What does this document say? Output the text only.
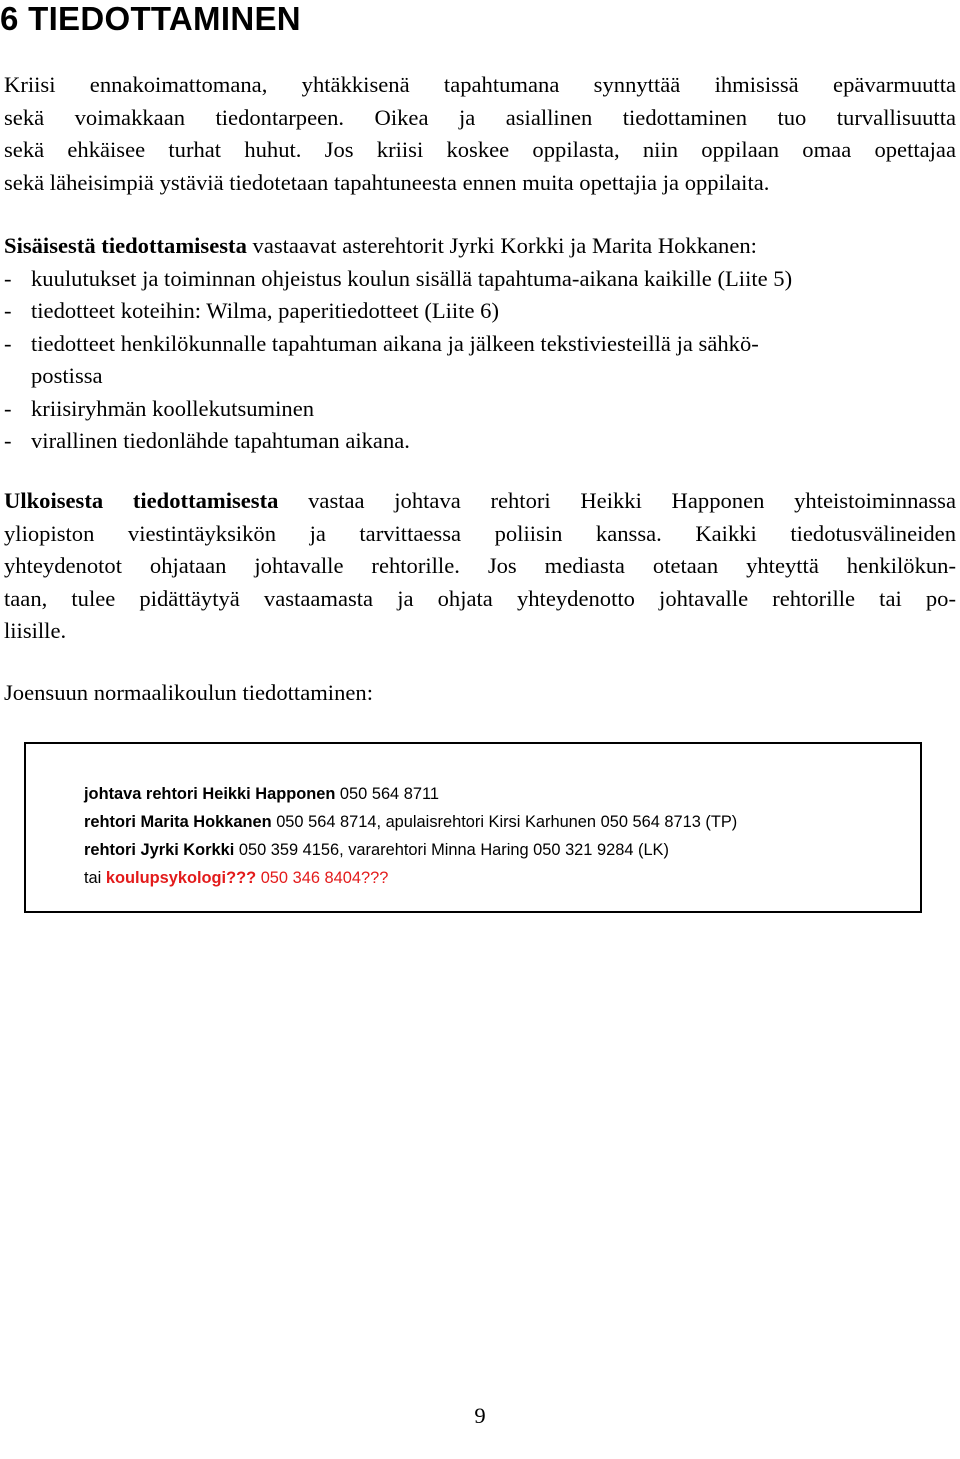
6 TIEDOTTAMINEN

Kriisi ennakoimattomana, yhtäkkisenä tapahtumana synnyttää ihmisissä epävarmuutta
sekä voimakkaan tiedontarpeen. Oikea ja asiallinen tiedottaminen tuo turvallisuutta
sekä ehkäisee turhat huhut. Jos kriisi koskee oppilasta, niin oppilaan omaa opettajaa
sekä läheisimpiä ystäviä tiedotetaan tapahtuneesta ennen muita opettajia ja oppilaita.

Sisäisestä tiedottamisesta vastaavat asterehtorit Jyrki Korkki ja Marita Hokkanen:
- kuulutukset ja toiminnan ohjeistus koulun sisällä tapahtuma-aikana kaikille (Liite 5)
- tiedotteet koteihin: Wilma, paperitiedotteet (Liite 6)
- tiedotteet henkilökunnalle tapahtuman aikana ja jälkeen tekstiviesteillä ja sähkö-
postissa
- kriisiryhmän koollekutsuminen
- virallinen tiedonlähde tapahtuman aikana.

Ulkoisesta tiedottamisesta vastaa johtava rehtori Heikki Happonen yhteistoiminnassa
yliopiston viestintäyksikön ja tarvittaessa poliisin kanssa. Kaikki tiedotusvälineiden
yhteydenotot ohjataan johtavalle rehtorille. Jos mediasta otetaan yhteyttä henkilökun-
taan, tulee pidättäytyä vastaamasta ja ohjata yhteydenotto johtavalle rehtorille tai po-
liisille.

Joensuun normaalikoulun tiedottaminen:

johtava rehtori Heikki Happonen 050 564 8711
rehtori Marita Hokkanen 050 564 8714, apulaisrehtori Kirsi Karhunen 050 564 8713 (TP)
rehtori Jyrki Korkki 050 359 4156, vararehtori Minna Haring 050 321 9284 (LK)
tai koulupsykologi??? 050 346 8404???
9
